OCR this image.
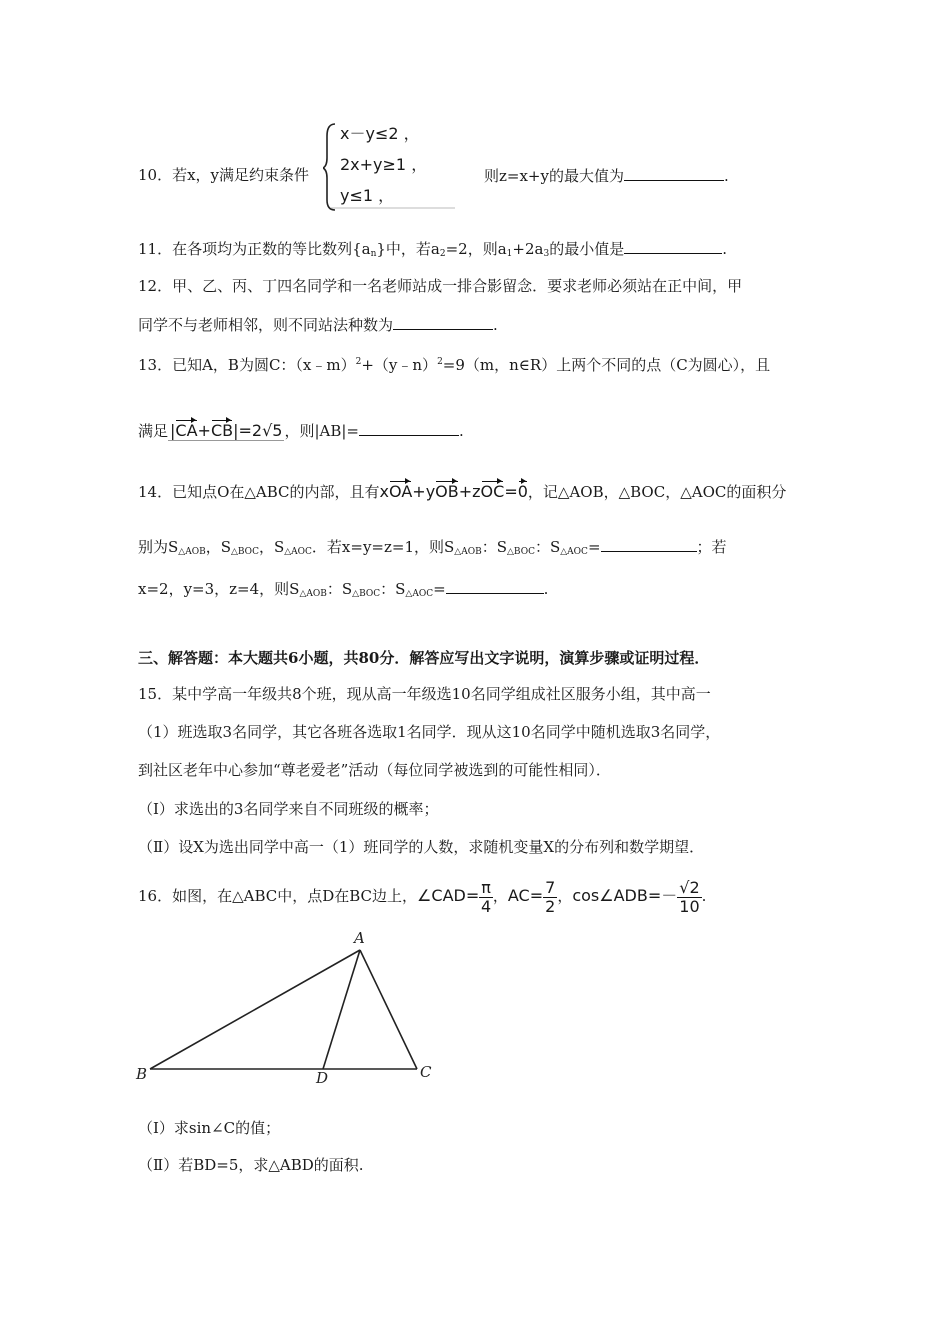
10．若x，y满足约束条件
x－y≤2 ，
2x+y≥1 ，
y≤1 ，
则z=x+y的最大值为	.
11．在各项均为正数的等比数列$\{a_n\}$中，若$a_2=2$，则$a_1+2a_3$的最小值是	.
12．甲、乙、丙、丁四名同学和一名老师站成一排合影留念．要求老师必须站在正中间，甲
同学不与老师相邻，则不同站法种数为	.
13．已知A，B为圆C：（x﹣m）$^2$+（y﹣n）$^2$=9（m，n∈R）上两个不同的点（C为圆心），且
满足 |CA+CB|=2√5 ，则|AB|=	.
14．已知点O在△ABC的内部，且有xOA+yOB+zOC=0，记△AOB，△BOC，△AOC的面积分
别为$S_{\triangle AOB}$，$S_{\triangle BOC}$，$S_{\triangle AOC}$．若x=y=z=1，则$S_{\triangle AOB}$：$S_{\triangle BOC}$：$S_{\triangle AOC}=$	；若
x=2，y=3，z=4，则$S_{\triangle AOB}$：$S_{\triangle BOC}$：$S_{\triangle AOC}=$	.
三、解答题：本大题共6小题，共80分．解答应写出文字说明，演算步骤或证明过程．
15．某中学高一年级共8个班，现从高一年级选10名同学组成社区服务小组，其中高一
（1）班选取3名同学，其它各班各选取1名同学．现从这10名同学中随机选取3名同学，
到社区老年中心参加“尊老爱老”活动（每位同学被选到的可能性相同）．
（Ⅰ）求选出的3名同学来自不同班级的概率；
（Ⅱ）设X为选出同学中高一（1）班同学的人数，求随机变量X的分布列和数学期望．
16．如图，在△ABC中，点D在BC边上，∠CAD= $\frac{\pi}{4}$ ，$AC= \frac{7}{2}$ ，cos∠ADB=－ $\frac{√2}{10}$ .
A
B	C
D
（Ⅰ）求sin∠C的值；
（Ⅱ）若BD=5，求△ABD的面积.
